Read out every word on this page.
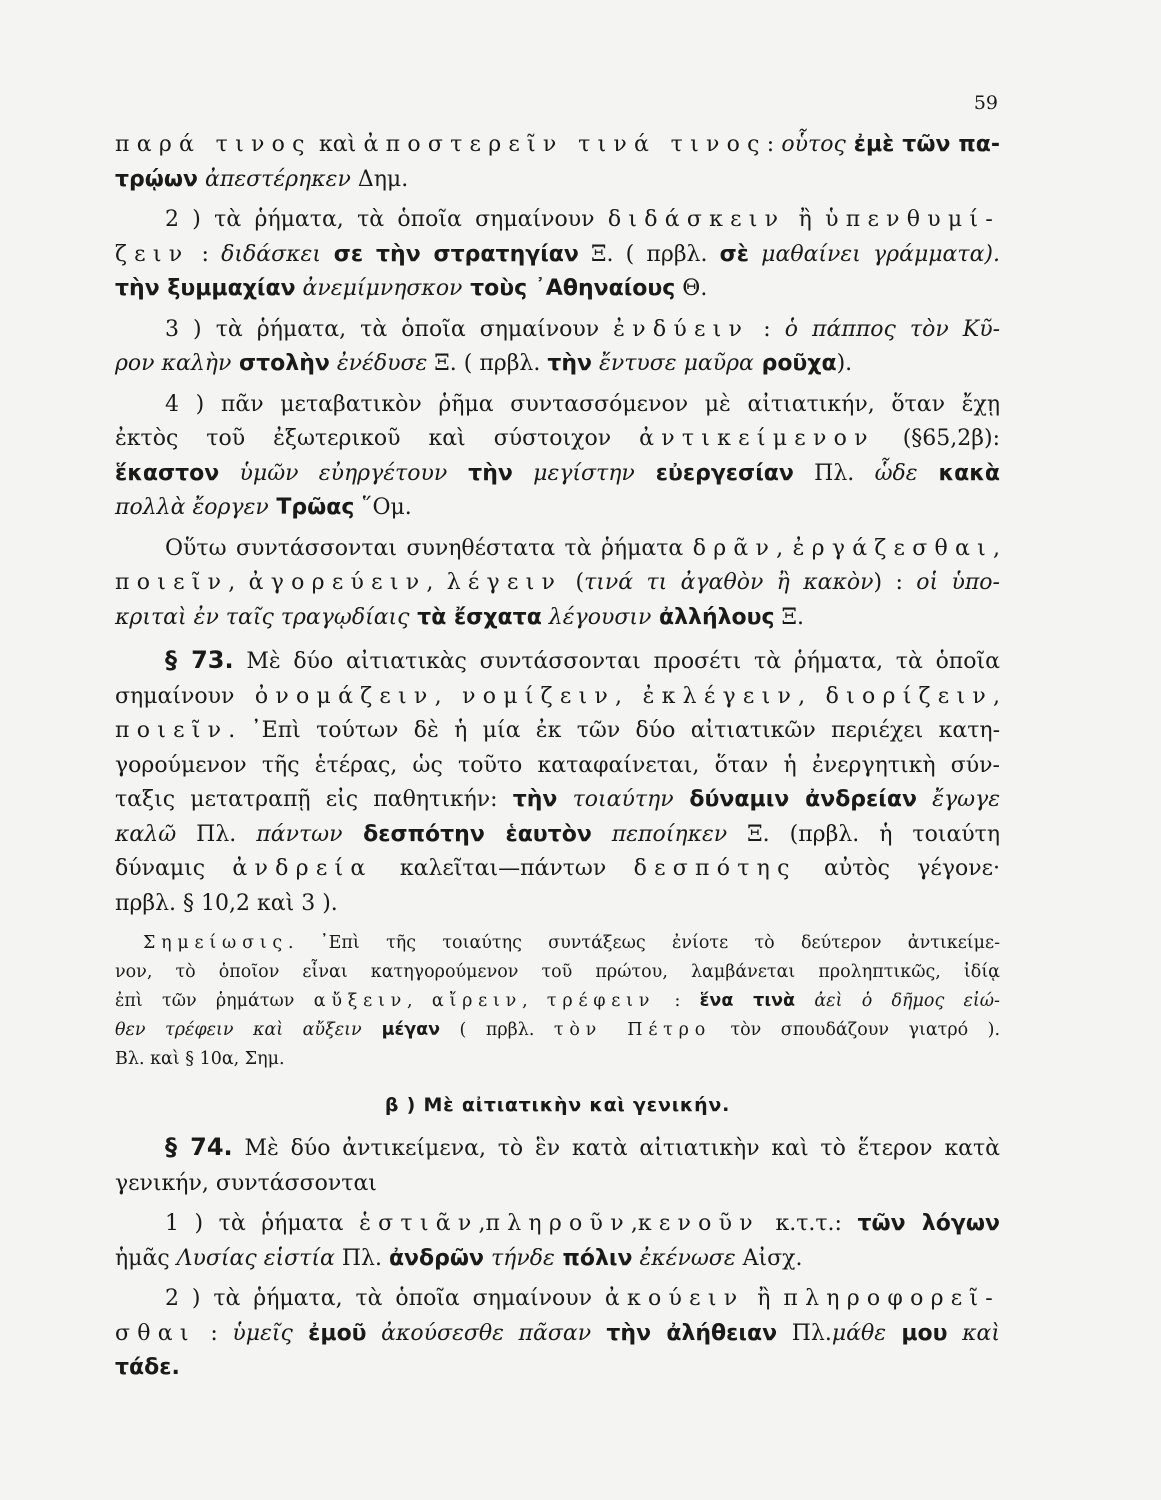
59
παρά τινος καὶ ἀποστερεῖν τινά τινος: οὗτος ἐμὲ τῶν πα-
τρῴων ἀπεστέρηκεν Δημ.
2 ) τὰ ῥήματα, τὰ ὁποῖα σημαίνουν διδάσκειν ἢ ὑπενθυμί-
ζειν : διδάσκει σε τὴν στρατηγίαν Ξ. ( πρβλ. σὲ μαθαίνει γράμματα).
τὴν ξυμμαχίαν ἀνεμίμνησκον τοὺς ᾿Αθηναίους Θ.
3 ) τὰ ῥήματα, τὰ ὁποῖα σημαίνουν ἐνδύειν : ὁ πάππος τὸν Κῦ-
ρον καλὴν στολὴν ἐνέδυσε Ξ. ( πρβλ. τὴν ἔντυσε μαῦρα ροῦχα).
4 ) πᾶν μεταβατικὸν ῥῆμα συντασσόμενον μὲ αἰτιατικήν, ὅταν ἔχῃ
ἐκτὸς τοῦ ἐξωτερικοῦ καὶ σύστοιχον ἀντικείμενον (§65,2β):
ἕκαστον ὑμῶν εὐηργέτουν τὴν μεγίστην εὐεργεσίαν Πλ. ὧδε κακὰ
πολλὰ ἔοργεν Τρῶας ῞Ομ.
Οὕτω συντάσσονται συνηθέστατα τὰ ῥήματα δρᾶν, ἐργάζεσθαι,
ποιεῖν, ἀγορεύειν, λέγειν (τινά τι ἀγαθὸν ἢ κακὸν) : οἱ ὑπο-
κριταὶ ἐν ταῖς τραγῳδίαις τὰ ἔσχατα λέγουσιν ἀλλήλους Ξ.
§ 73. Μὲ δύο αἰτιατικὰς συντάσσονται προσέτι τὰ ῥήματα, τὰ ὁποῖα
σημαίνουν ὀνομάζειν, νομίζειν, ἐκλέγειν, διορίζειν,
ποιεῖν. ᾿Επὶ τούτων δὲ ἡ μία ἐκ τῶν δύο αἰτιατικῶν περιέχει κατη-
γορούμενον τῆς ἑτέρας, ὡς τοῦτο καταφαίνεται, ὅταν ἡ ἐνεργητικὴ σύν-
ταξις μετατραπῇ εἰς παθητικήν: τὴν τοιαύτην δύναμιν ἀνδρείαν ἔγωγε
καλῶ Πλ. πάντων δεσπότην ἑαυτὸν πεποίηκεν Ξ. (πρβλ. ἡ τοιαύτη
δύναμις ἀνδρεία καλεῖται—πάντων δεσπότης αὐτὸς γέγονε·
πρβλ. § 10,2 καὶ 3 ).
Σημείωσις. ᾿Επὶ τῆς τοιαύτης συντάξεως ἐνίοτε τὸ δεύτερον ἀντικείμε-
νον, τὸ ὁποῖον εἶναι κατηγορούμενον τοῦ πρώτου, λαμβάνεται προληπτικῶς, ἰδίᾳ
ἐπὶ τῶν ῥημάτων αὔξειν, αἴρειν, τρέφειν : ἕνα τινὰ ἀεὶ ὁ δῆμος εἰώ-
θεν τρέφειν καὶ αὔξειν μέγαν ( πρβλ. τὸν Πέτρο τὸν σπουδάζουν γιατρό ).
Βλ. καὶ § 10α, Σημ.
β ) Μὲ αἰτιατικὴν καὶ γενικήν.
§ 74. Μὲ δύο ἀντικείμενα, τὸ ἓν κατὰ αἰτιατικὴν καὶ τὸ ἕτερον κατὰ
γενικήν, συντάσσονται
1 ) τὰ ῥήματα ἑστιᾶν,πληροῦν,κενοῦν κ.τ.τ.: τῶν λόγων
ἡμᾶς Λυσίας εἱστία Πλ. ἀνδρῶν τήνδε πόλιν ἐκένωσε Αἰσχ.
2 ) τὰ ῥήματα, τὰ ὁποῖα σημαίνουν ἀκούειν ἢ πληροφορεῖ-
σθαι : ὑμεῖς ἐμοῦ ἀκούσεσθε πᾶσαν τὴν ἀλήθειαν Πλ.μάθε μου καὶ
τάδε.
